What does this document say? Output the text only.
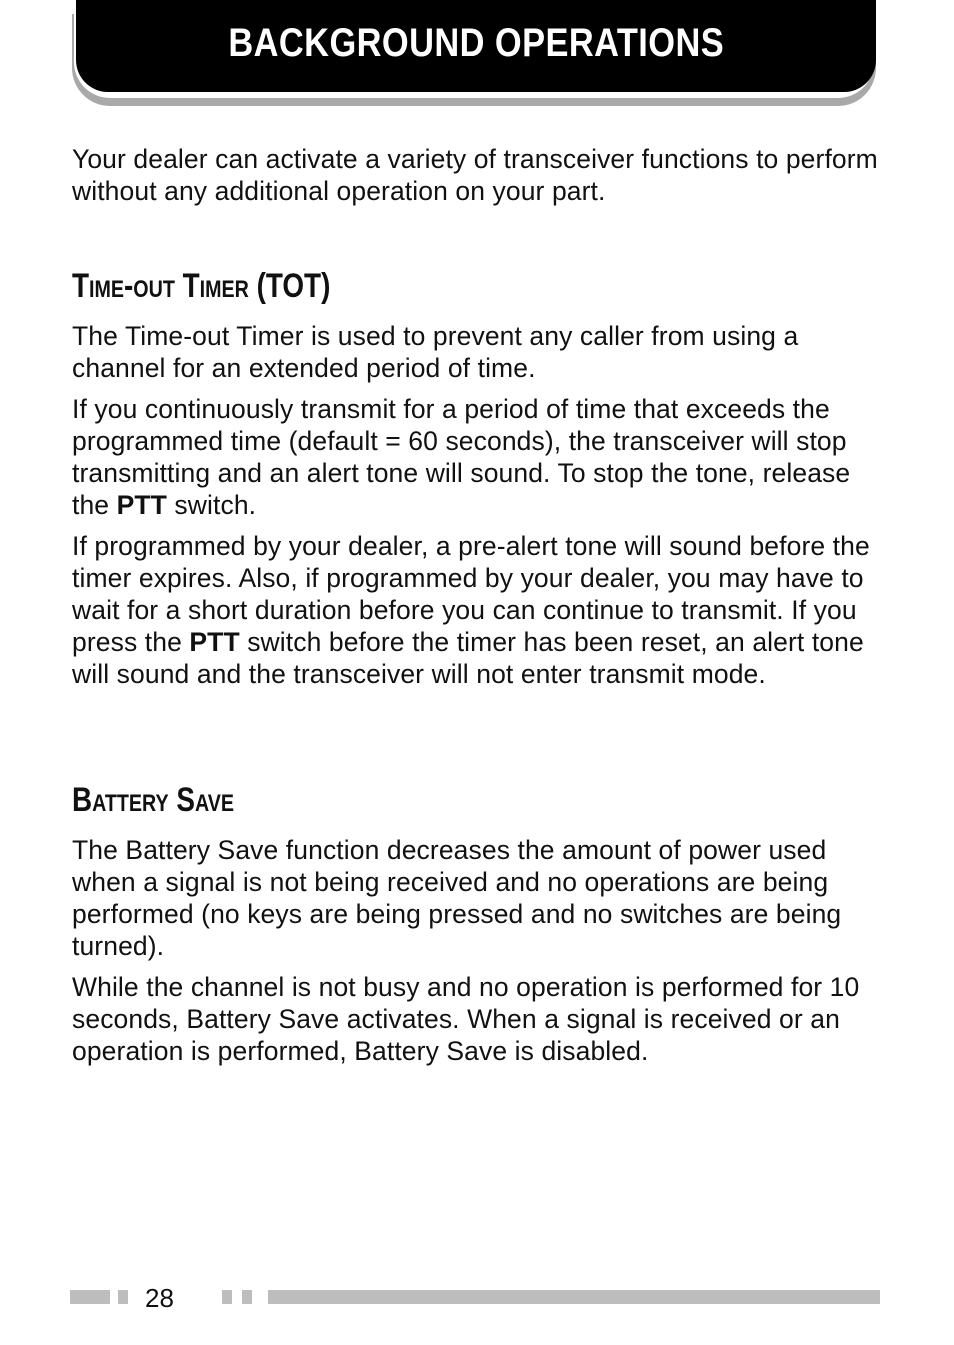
BACKGROUND OPERATIONS

Your dealer can activate a variety of transceiver functions to perform without any additional operation on your part.

Time-out Timer (TOT)

The Time-out Timer is used to prevent any caller from using a channel for an extended period of time.

If you continuously transmit for a period of time that exceeds the programmed time (default = 60 seconds), the transceiver will stop transmitting and an alert tone will sound. To stop the tone, release the PTT switch.

If programmed by your dealer, a pre-alert tone will sound before the timer expires. Also, if programmed by your dealer, you may have to wait for a short duration before you can continue to transmit. If you press the PTT switch before the timer has been reset, an alert tone will sound and the transceiver will not enter transmit mode.

Battery Save

The Battery Save function decreases the amount of power used when a signal is not being received and no operations are being performed (no keys are being pressed and no switches are being turned).

While the channel is not busy and no operation is performed for 10 seconds, Battery Save activates. When a signal is received or an operation is performed, Battery Save is disabled.

28
